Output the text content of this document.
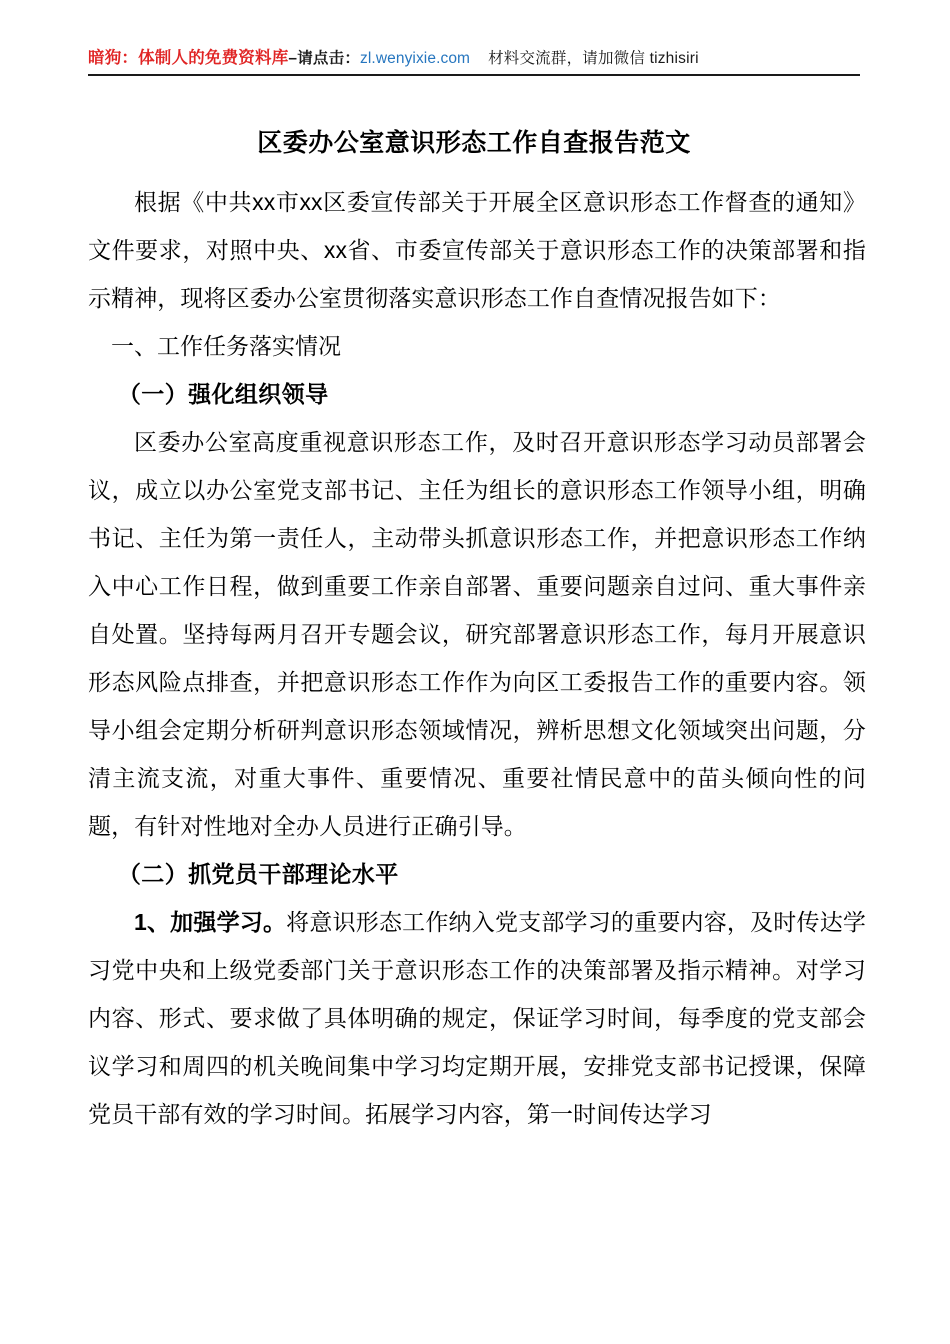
暗狗：体制人的免费资料库–请点击：zl.wenyixie.com 材料交流群，请加微信 tizhisiri
区委办公室意识形态工作自查报告范文

根据《中共xx市xx区委宣传部关于开展全区意识形态工作督查的通知》文件要求，对照中央、xx省、市委宣传部关于意识形态工作的决策部署和指示精神，现将区委办公室贯彻落实意识形态工作自查情况报告如下：

一、工作任务落实情况

（一）强化组织领导

区委办公室高度重视意识形态工作，及时召开意识形态学习动员部署会议，成立以办公室党支部书记、主任为组长的意识形态工作领导小组，明确书记、主任为第一责任人，主动带头抓意识形态工作，并把意识形态工作纳入中心工作日程，做到重要工作亲自部署、重要问题亲自过问、重大事件亲自处置。坚持每两月召开专题会议，研究部署意识形态工作，每月开展意识形态风险点排查，并把意识形态工作作为向区工委报告工作的重要内容。领导小组会定期分析研判意识形态领域情况，辨析思想文化领域突出问题，分清主流支流，对重大事件、重要情况、重要社情民意中的苗头倾向性的问题，有针对性地对全办人员进行正确引导。

（二）抓党员干部理论水平

1、加强学习。将意识形态工作纳入党支部学习的重要内容，及时传达学习党中央和上级党委部门关于意识形态工作的决策部署及指示精神。对学习内容、形式、要求做了具体明确的规定，保证学习时间，每季度的党支部会议学习和周四的机关晚间集中学习均定期开展，安排党支部书记授课，保障党员干部有效的学习时间。拓展学习内容，第一时间传达学习
